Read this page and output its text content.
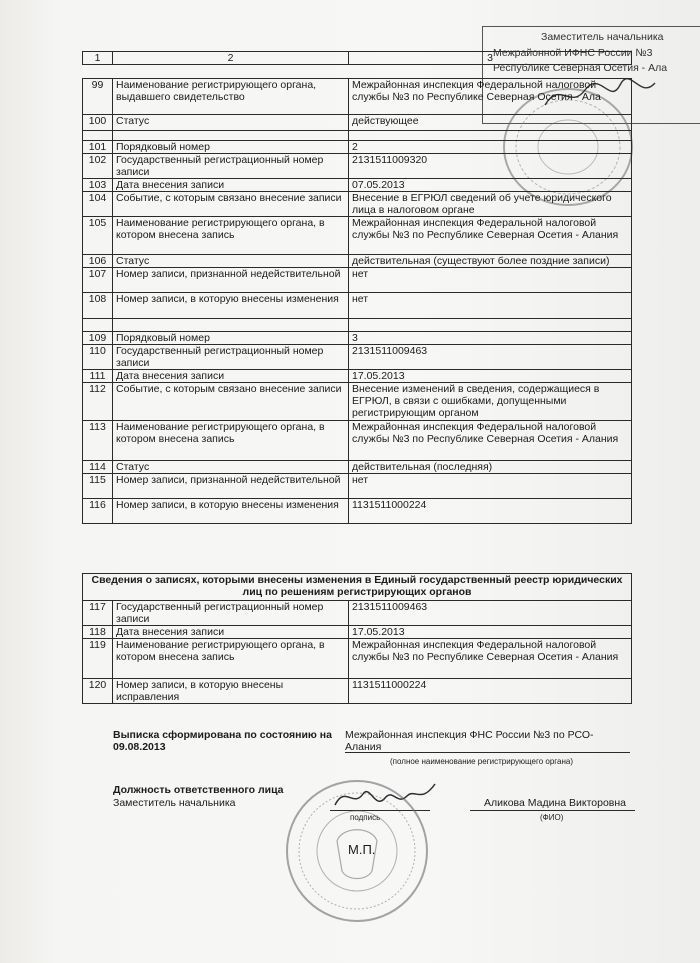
Заместитель начальника
Межрайонной ИФНС России №3
Республике Северная Осетия - Ала
1	2	3
99	Наименование регистрирующего органа, выдавшего свидетельство	Межрайонная инспекция Федеральной налоговой службы №3 по Республике Северная Осетия - Ала
100	Статус	действующее

101	Порядковый номер	2
102	Государственный регистрационный номер записи	2131511009320
103	Дата внесения записи	07.05.2013
104	Событие, с которым связано внесение записи	Внесение в ЕГРЮЛ сведений об учете юридического лица в налоговом органе
105	Наименование регистрирующего органа, в котором внесена запись	Межрайонная инспекция Федеральной налоговой службы №3 по Республике Северная Осетия - Алания
106	Статус	действительная (существуют более поздние записи)
107	Номер записи, признанной недействительной	нет
108	Номер записи, в которую внесены изменения	нет

109	Порядковый номер	3
110	Государственный регистрационный номер записи	2131511009463
111	Дата внесения записи	17.05.2013
112	Событие, с которым связано внесение записи	Внесение изменений в сведения, содержащиеся в ЕГРЮЛ, в связи с ошибками, допущенными регистрирующим органом
113	Наименование регистрирующего органа, в котором внесена запись	Межрайонная инспекция Федеральной налоговой службы №3 по Республике Северная Осетия - Алания
114	Статус	действительная (последняя)
115	Номер записи, признанной недействительной	нет
116	Номер записи, в которую внесены изменения	1131511000224
Сведения о записях, которыми внесены изменения в Единый государственный реестр юридических лиц по решениям регистрирующих органов		
117	Государственный регистрационный номер записи	2131511009463
118	Дата внесения записи	17.05.2013
119	Наименование регистрирующего органа, в котором внесена запись	Межрайонная инспекция Федеральной налоговой службы №3 по Республике Северная Осетия - Алания
120	Номер записи, в которую внесены исправления	1131511000224
Выписка сформирована по состоянию на 09.08.2013
Межрайонная инспекция ФНС России №3 по РСО-Алания
(полное наименование регистрирующего органа)
Должность ответственного лица
Заместитель начальника
подпись
Аликова Мадина Викторовна
(ФИО)
М.П.
